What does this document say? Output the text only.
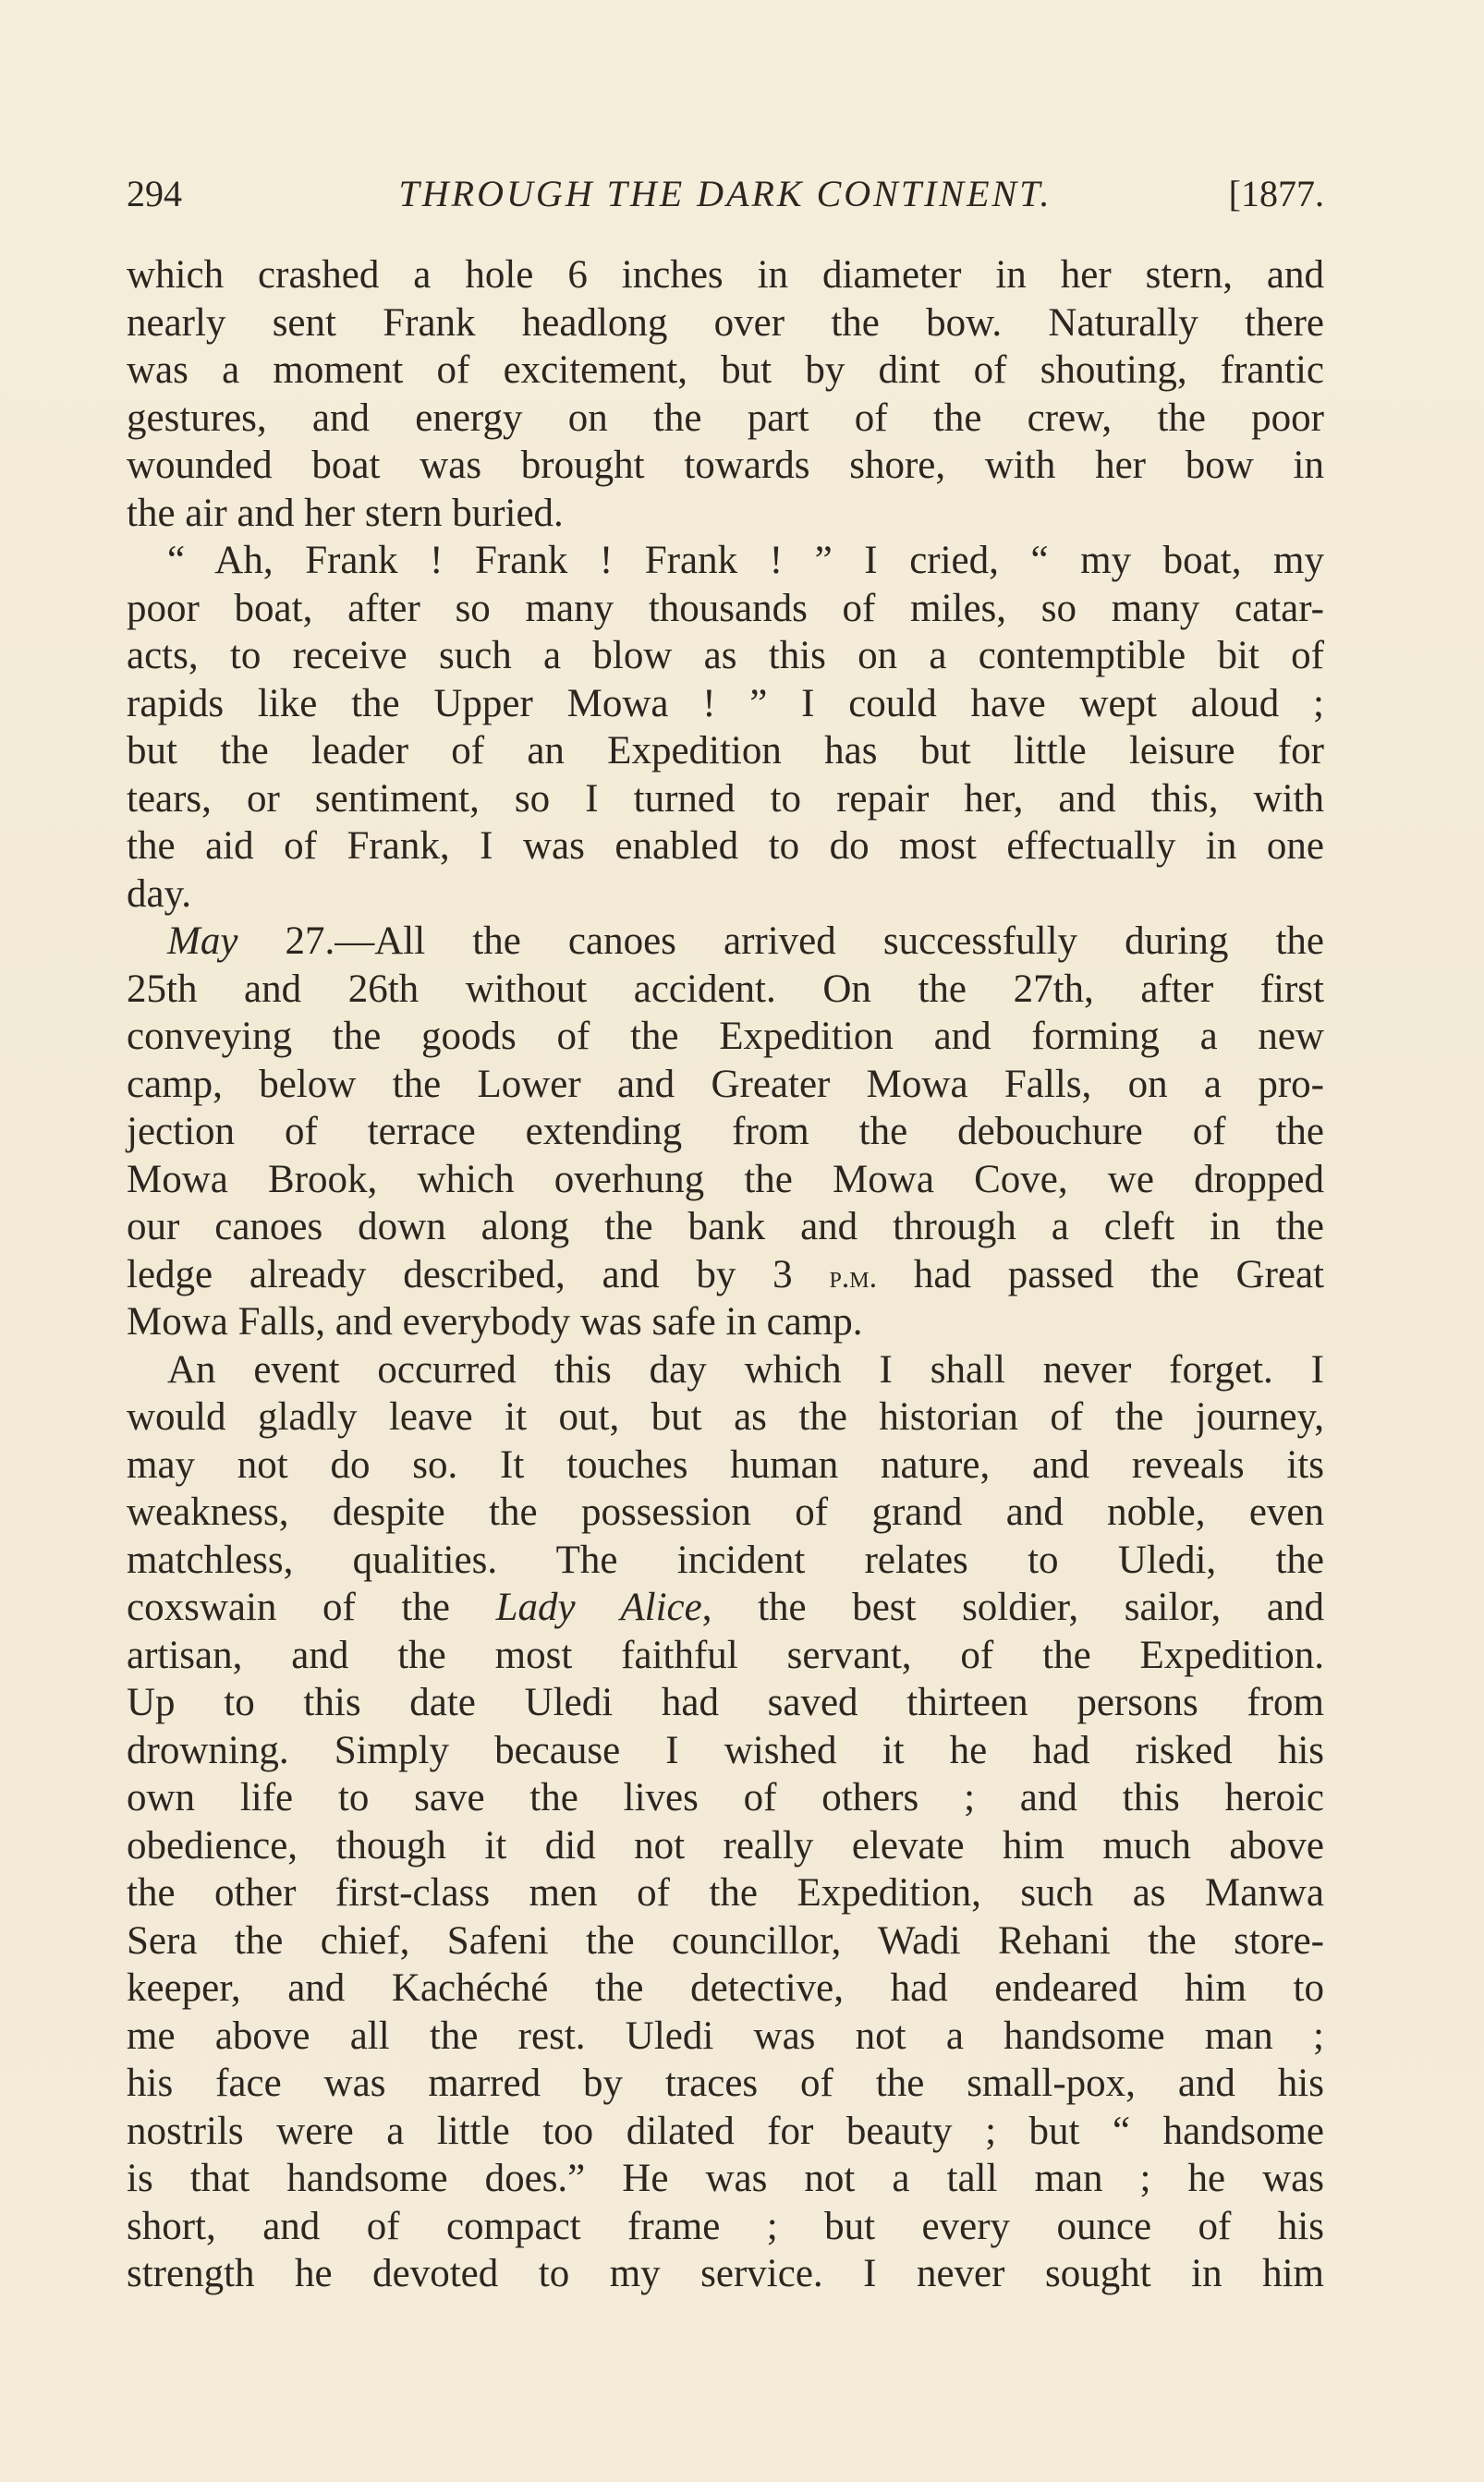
294	THROUGH THE DARK CONTINENT.	[1877.
which crashed a hole 6 inches in diameter in her stern, and
nearly sent Frank headlong over the bow. Naturally there
was a moment of excitement, but by dint of shouting, frantic
gestures, and energy on the part of the crew, the poor
wounded boat was brought towards shore, with her bow in
the air and her stern buried.
“ Ah, Frank ! Frank ! Frank ! ” I cried, “ my boat, my
poor boat, after so many thousands of miles, so many catar-
acts, to receive such a blow as this on a contemptible bit of
rapids like the Upper Mowa ! ” I could have wept aloud ;
but the leader of an Expedition has but little leisure for
tears, or sentiment, so I turned to repair her, and this, with
the aid of Frank, I was enabled to do most effectually in one
day.
May 27.—All the canoes arrived successfully during the
25th and 26th without accident. On the 27th, after first
conveying the goods of the Expedition and forming a new
camp, below the Lower and Greater Mowa Falls, on a pro-
jection of terrace extending from the debouchure of the
Mowa Brook, which overhung the Mowa Cove, we dropped
our canoes down along the bank and through a cleft in the
ledge already described, and by 3 p.m. had passed the Great
Mowa Falls, and everybody was safe in camp.
An event occurred this day which I shall never forget. I
would gladly leave it out, but as the historian of the journey,
may not do so. It touches human nature, and reveals its
weakness, despite the possession of grand and noble, even
matchless, qualities. The incident relates to Uledi, the
coxswain of the Lady Alice, the best soldier, sailor, and
artisan, and the most faithful servant, of the Expedition.
Up to this date Uledi had saved thirteen persons from
drowning. Simply because I wished it he had risked his
own life to save the lives of others ; and this heroic
obedience, though it did not really elevate him much above
the other first-class men of the Expedition, such as Manwa
Sera the chief, Safeni the councillor, Wadi Rehani the store-
keeper, and Kachéché the detective, had endeared him to
me above all the rest. Uledi was not a handsome man ;
his face was marred by traces of the small-pox, and his
nostrils were a little too dilated for beauty ; but “ handsome
is that handsome does.” He was not a tall man ; he was
short, and of compact frame ; but every ounce of his
strength he devoted to my service. I never sought in him
